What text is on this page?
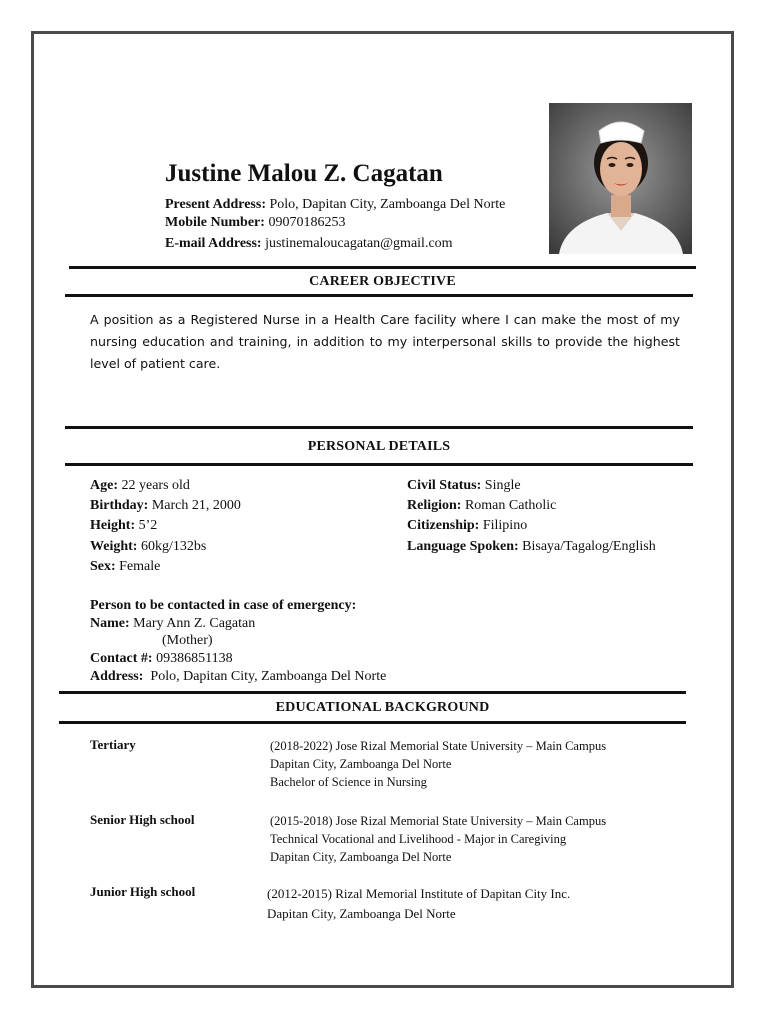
Justine Malou Z. Cagatan
Present Address: Polo, Dapitan City, Zamboanga Del Norte
Mobile Number: 09070186253
E-mail Address: justinemaloucagatan@gmail.com
CAREER OBJECTIVE
A position as a Registered Nurse in a Health Care facility where I can make the most of my nursing education and training, in addition to my interpersonal skills to provide the highest level of patient care.
PERSONAL DETAILS
Age: 22 years old
Birthday: March 21, 2000
Height: 5’2
Weight: 60kg/132bs
Sex: Female
Civil Status: Single
Religion: Roman Catholic
Citizenship: Filipino
Language Spoken: Bisaya/Tagalog/English
Person to be contacted in case of emergency:
Name: Mary Ann Z. Cagatan
(Mother)
Contact #: 09386851138
Address: Polo, Dapitan City, Zamboanga Del Norte
EDUCATIONAL BACKGROUND
Tertiary	(2018-2022) Jose Rizal Memorial State University – Main Campus
Dapitan City, Zamboanga Del Norte
Bachelor of Science in Nursing
Senior High school	(2015-2018) Jose Rizal Memorial State University – Main Campus
Technical Vocational and Livelihood - Major in Caregiving
Dapitan City, Zamboanga Del Norte
Junior High school	(2012-2015) Rizal Memorial Institute of Dapitan City Inc.
Dapitan City, Zamboanga Del Norte
